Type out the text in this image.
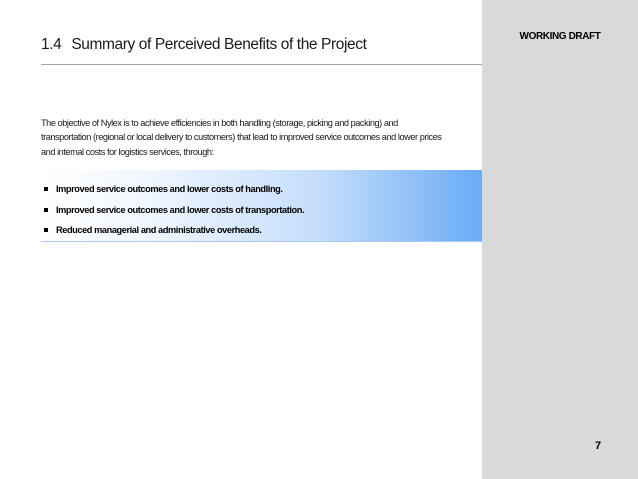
1.4 Summary of Perceived Benefits of the Project
The objective of Nylex is to achieve efficiencies in both handling (storage, picking and packing) and
transportation (regional or local delivery to customers) that lead to improved service outcomes and lower prices
and internal costs for logistics services, through:
Improved service outcomes and lower costs of handling.
Improved service outcomes and lower costs of transportation.
Reduced managerial and administrative overheads.
WORKING DRAFT
7
